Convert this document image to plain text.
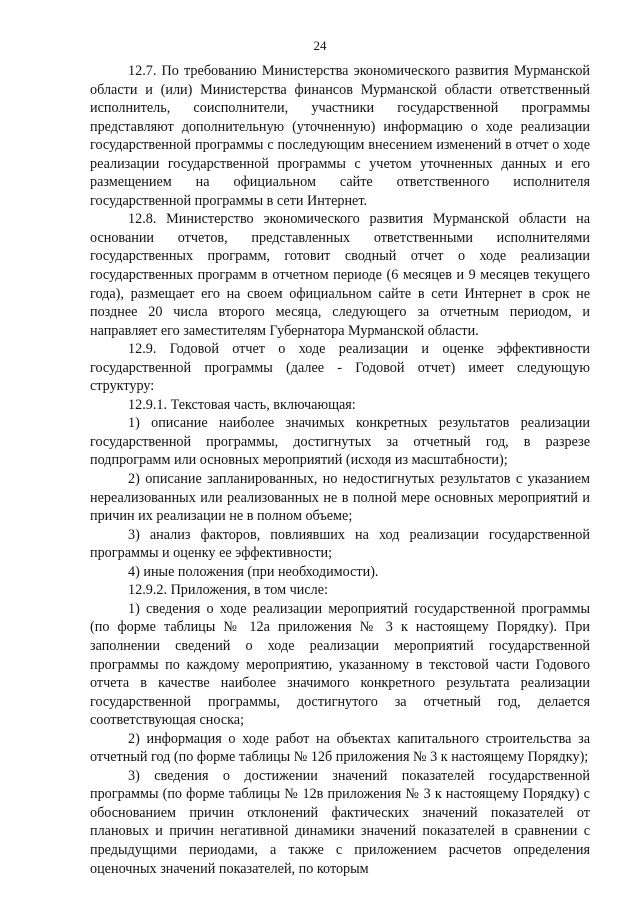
24

12.7. По требованию Министерства экономического развития Мурманской области и (или) Министерства финансов Мурманской области ответственный исполнитель, соисполнители, участники государственной программы представляют дополнительную (уточненную) информацию о ходе реализации государственной программы с последующим внесением изменений в отчет о ходе реализации государственной программы с учетом уточненных данных и его размещением на официальном сайте ответственного исполнителя государственной программы в сети Интернет.

12.8. Министерство экономического развития Мурманской области на основании отчетов, представленных ответственными исполнителями государственных программ, готовит сводный отчет о ходе реализации государственных программ в отчетном периоде (6 месяцев и 9 месяцев текущего года), размещает его на своем официальном сайте в сети Интернет в срок не позднее 20 числа второго месяца, следующего за отчетным периодом, и направляет его заместителям Губернатора Мурманской области.

12.9. Годовой отчет о ходе реализации и оценке эффективности государственной программы (далее - Годовой отчет) имеет следующую структуру:

12.9.1. Текстовая часть, включающая:

1) описание наиболее значимых конкретных результатов реализации государственной программы, достигнутых за отчетный год, в разрезе подпрограмм или основных мероприятий (исходя из масштабности);

2) описание запланированных, но недостигнутых результатов с указанием нереализованных или реализованных не в полной мере основных мероприятий и причин их реализации не в полном объеме;

3) анализ факторов, повлиявших на ход реализации государственной программы и оценку ее эффективности;

4) иные положения (при необходимости).

12.9.2. Приложения, в том числе:

1) сведения о ходе реализации мероприятий государственной программы (по форме таблицы № 12а приложения № 3 к настоящему Порядку). При заполнении сведений о ходе реализации мероприятий государственной программы по каждому мероприятию, указанному в текстовой части Годового отчета в качестве наиболее значимого конкретного результата реализации государственной программы, достигнутого за отчетный год, делается соответствующая сноска;

2) информация о ходе работ на объектах капитального строительства за отчетный год (по форме таблицы № 12б приложения № 3 к настоящему Порядку);

3) сведения о достижении значений показателей государственной программы (по форме таблицы № 12в приложения № 3 к настоящему Порядку) с обоснованием причин отклонений фактических значений показателей от плановых и причин негативной динамики значений показателей в сравнении с предыдущими периодами, а также с приложением расчетов определения оценочных значений показателей, по которым
